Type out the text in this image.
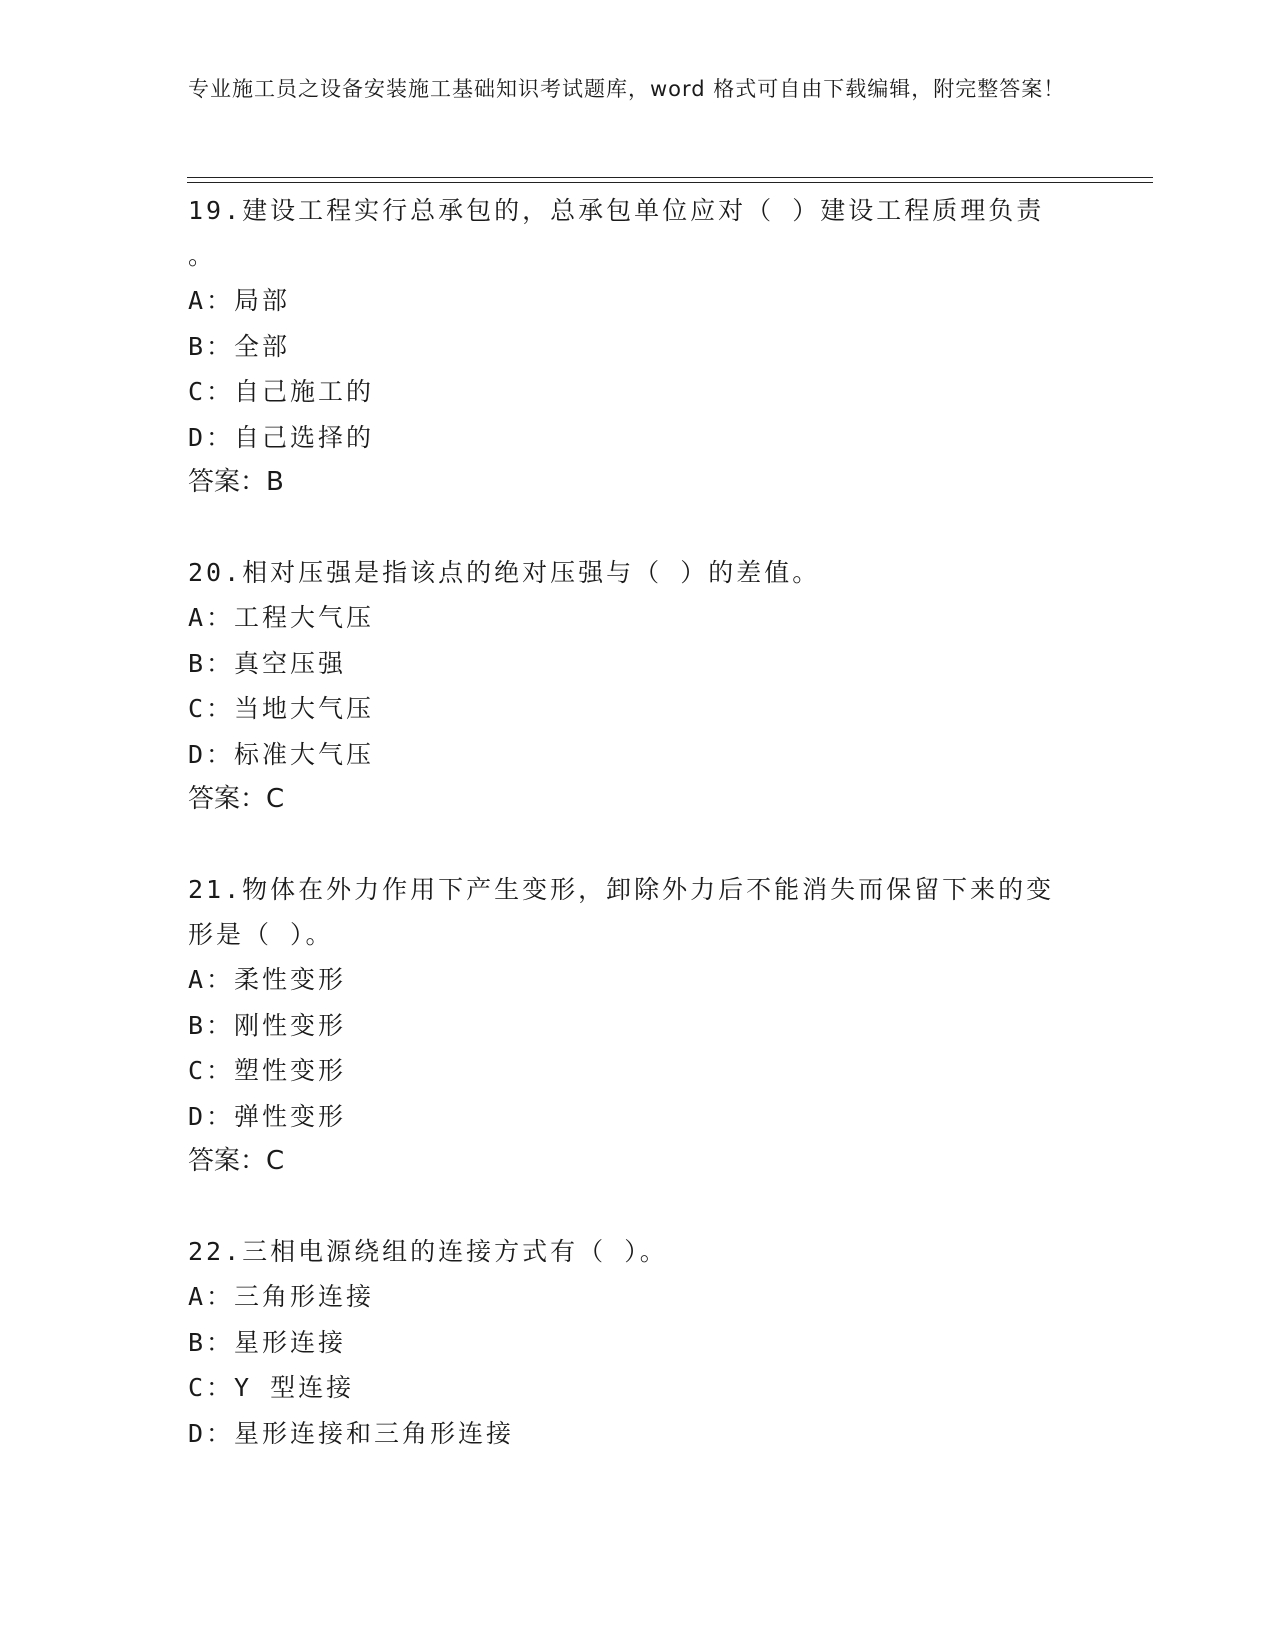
专业施工员之设备安装施工基础知识考试题库，word 格式可自由下载编辑，附完整答案！

19.建设工程实行总承包的，总承包单位应对（ ）建设工程质理负责
。

A：局部

B：全部

C：自己施工的

D：自己选择的

答案：B

20.相对压强是指该点的绝对压强与（ ）的差值。

A：工程大气压

B：真空压强

C：当地大气压

D：标准大气压

答案：C

21.物体在外力作用下产生变形，卸除外力后不能消失而保留下来的变
形是（ ）。

A：柔性变形

B：刚性变形

C：塑性变形

D：弹性变形

答案：C

22.三相电源绕组的连接方式有（ ）。

A：三角形连接

B：星形连接

C：Y 型连接

D：星形连接和三角形连接
